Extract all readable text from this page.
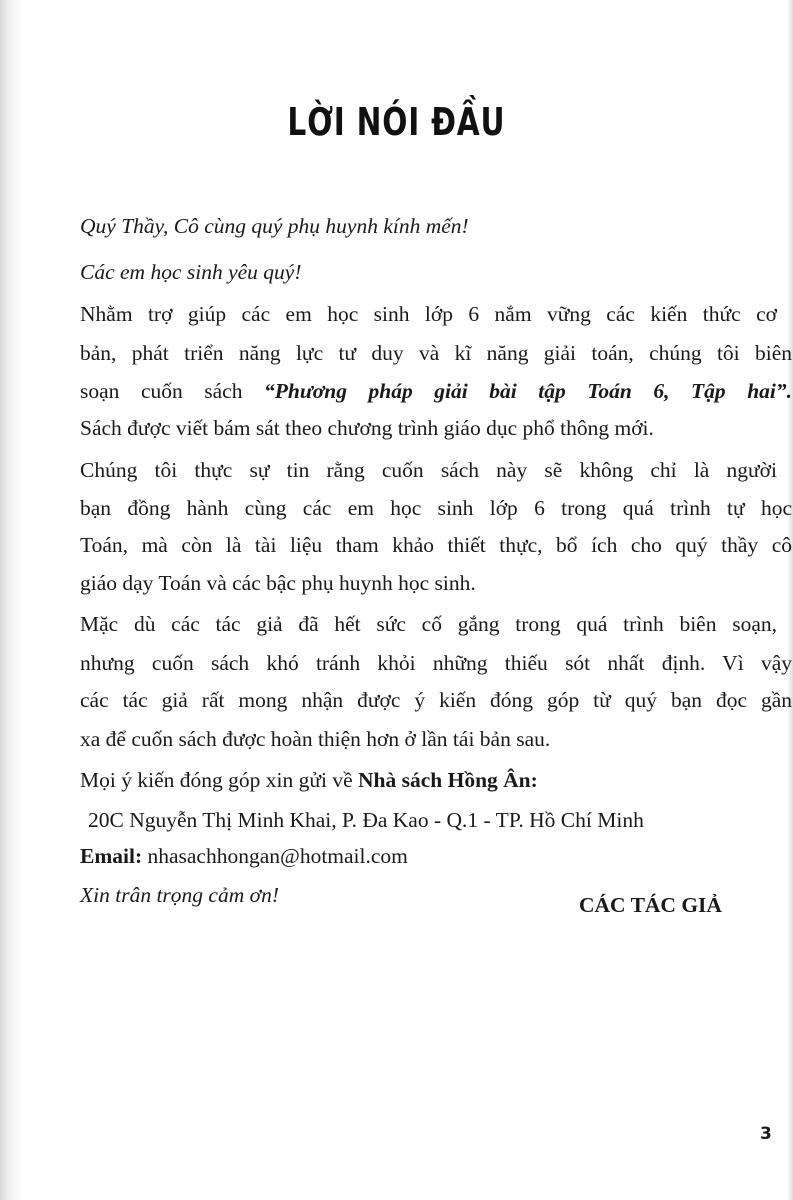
LỜI NÓI ĐẦU
Quý Thầy, Cô cùng quý phụ huynh kính mến!
Các em học sinh yêu quý!
Nhằm trợ giúp các em học sinh lớp 6 nắm vững các kiến thức cơ
bản, phát triển năng lực tư duy và kĩ năng giải toán, chúng tôi biên
soạn cuốn sách “Phương pháp giải bài tập Toán 6, Tập hai”.
Sách được viết bám sát theo chương trình giáo dục phổ thông mới.
Chúng tôi thực sự tin rằng cuốn sách này sẽ không chỉ là người
bạn đồng hành cùng các em học sinh lớp 6 trong quá trình tự học
Toán, mà còn là tài liệu tham khảo thiết thực, bổ ích cho quý thầy cô
giáo dạy Toán và các bậc phụ huynh học sinh.
Mặc dù các tác giả đã hết sức cố gắng trong quá trình biên soạn,
nhưng cuốn sách khó tránh khỏi những thiếu sót nhất định. Vì vậy
các tác giả rất mong nhận được ý kiến đóng góp từ quý bạn đọc gần
xa để cuốn sách được hoàn thiện hơn ở lần tái bản sau.
Mọi ý kiến đóng góp xin gửi về Nhà sách Hồng Ân:
20C Nguyễn Thị Minh Khai, P. Đa Kao - Q.1 - TP. Hồ Chí Minh
Email: nhasachhongan@hotmail.com
Xin trân trọng cảm ơn!	CÁC TÁC GIẢ
3
